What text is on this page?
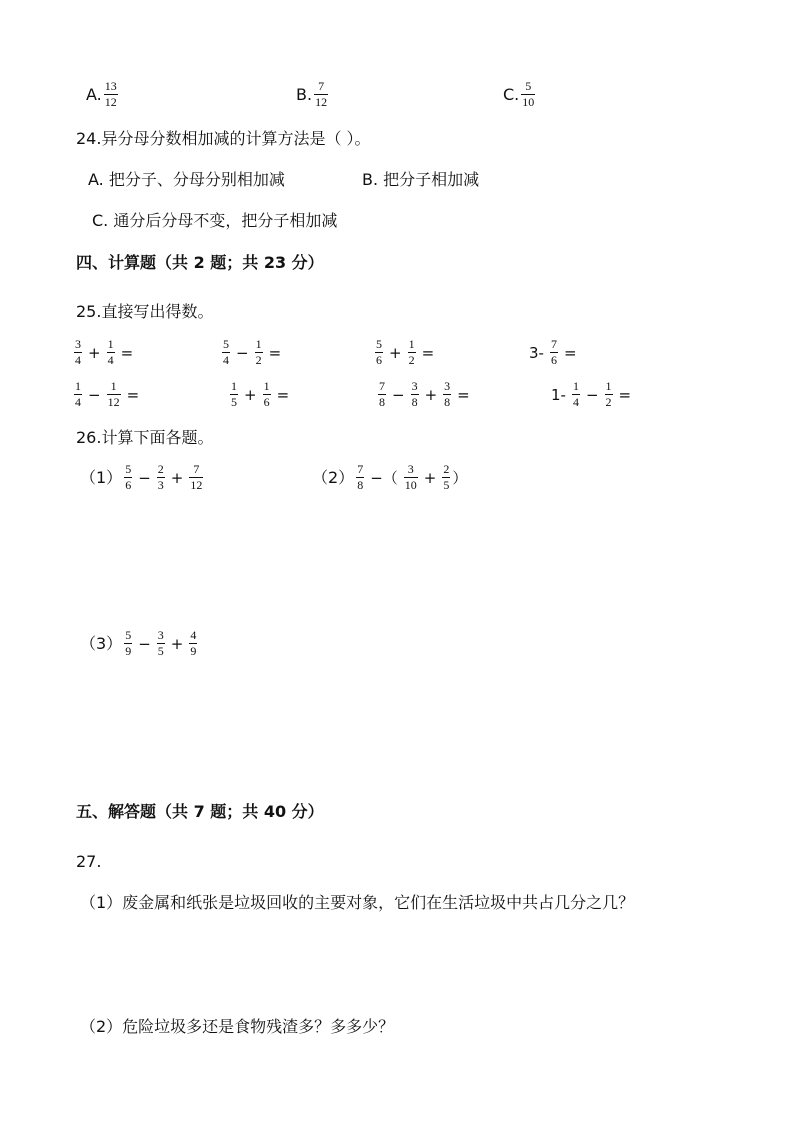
A. $\frac{13}{12}$	B. $\frac{7}{12}$	C. $\frac{5}{10}$
24.异分母分数相加减的计算方法是（ ）。
A. 把分子、分母分别相加减	B. 把分子相加减
C. 通分后分母不变，把分子相加减
四、计算题（共 2 题；共 23 分）
25.直接写出得数。
$\frac{3}{4} + \frac{1}{4}$ =	$\frac{5}{4} - \frac{1}{2}$ =	$\frac{5}{6} + \frac{1}{2}$ =	$3- \frac{7}{6}$ =
$\frac{1}{4} - \frac{1}{12}$ =	$\frac{1}{5} + \frac{1}{6}$ =	$\frac{7}{8} - \frac{3}{8} + \frac{3}{8}$ =	$1- \frac{1}{4} - \frac{1}{2}$ =
26.计算下面各题。
$(1) \frac{5}{6} - \frac{2}{3} + \frac{7}{12}$	$(2) \frac{7}{8}$ −（ $\frac{3}{10} + \frac{2}{5}$ ）
$(3) \frac{5}{9} - \frac{3}{5} + \frac{4}{9}$
五、解答题（共 7 题；共 40 分）
27.
（1）废金属和纸张是垃圾回收的主要对象，它们在生活垃圾中共占几分之几？
（2）危险垃圾多还是食物残渣多？多多少？
